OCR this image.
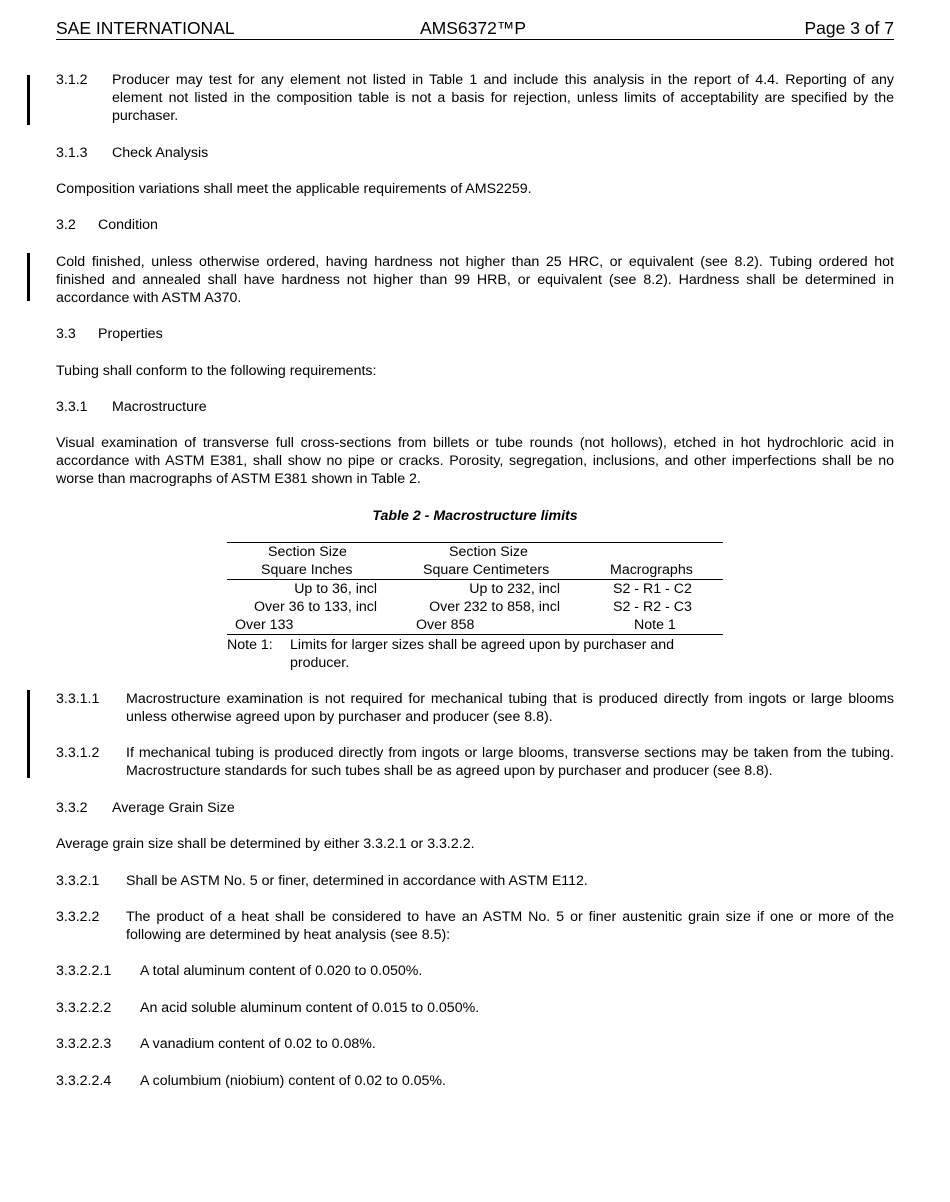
SAE INTERNATIONAL	AMS6372™P	Page 3 of 7
3.1.2	Producer may test for any element not listed in Table 1 and include this analysis in the report of 4.4. Reporting of any element not listed in the composition table is not a basis for rejection, unless limits of acceptability are specified by the purchaser.
3.1.3	Check Analysis

Composition variations shall meet the applicable requirements of AMS2259.

3.2	Condition

Cold finished, unless otherwise ordered, having hardness not higher than 25 HRC, or equivalent (see 8.2). Tubing ordered hot finished and annealed shall have hardness not higher than 99 HRB, or equivalent (see 8.2). Hardness shall be determined in accordance with ASTM A370.

3.3	Properties

Tubing shall conform to the following requirements:

3.3.1	Macrostructure

Visual examination of transverse full cross-sections from billets or tube rounds (not hollows), etched in hot hydrochloric acid in accordance with ASTM E381, shall show no pipe or cracks. Porosity, segregation, inclusions, and other imperfections shall be no worse than macrographs of ASTM E381 shown in Table 2.

Table 2 - Macrostructure limits
Section Size	Section Size
Square Inches	Square Centimeters	Macrographs
Up to 36, incl	Up to 232, incl	S2 - R1 - C2
Over 36 to 133, incl	Over 232 to 858, incl	S2 - R2 - C3
Over 133	Over 858	Note 1
Note 1:	Limits for larger sizes shall be agreed upon by purchaser and producer.
3.3.1.1	Macrostructure examination is not required for mechanical tubing that is produced directly from ingots or large blooms unless otherwise agreed upon by purchaser and producer (see 8.8).
3.3.1.2	If mechanical tubing is produced directly from ingots or large blooms, transverse sections may be taken from the tubing. Macrostructure standards for such tubes shall be as agreed upon by purchaser and producer (see 8.8).
3.3.2	Average Grain Size

Average grain size shall be determined by either 3.3.2.1 or 3.3.2.2.

3.3.2.1	Shall be ASTM No. 5 or finer, determined in accordance with ASTM E112.
3.3.2.2	The product of a heat shall be considered to have an ASTM No. 5 or finer austenitic grain size if one or more of the following are determined by heat analysis (see 8.5):
3.3.2.2.1	A total aluminum content of 0.020 to 0.050%.
3.3.2.2.2	An acid soluble aluminum content of 0.015 to 0.050%.
3.3.2.2.3	A vanadium content of 0.02 to 0.08%.
3.3.2.2.4	A columbium (niobium) content of 0.02 to 0.05%.
